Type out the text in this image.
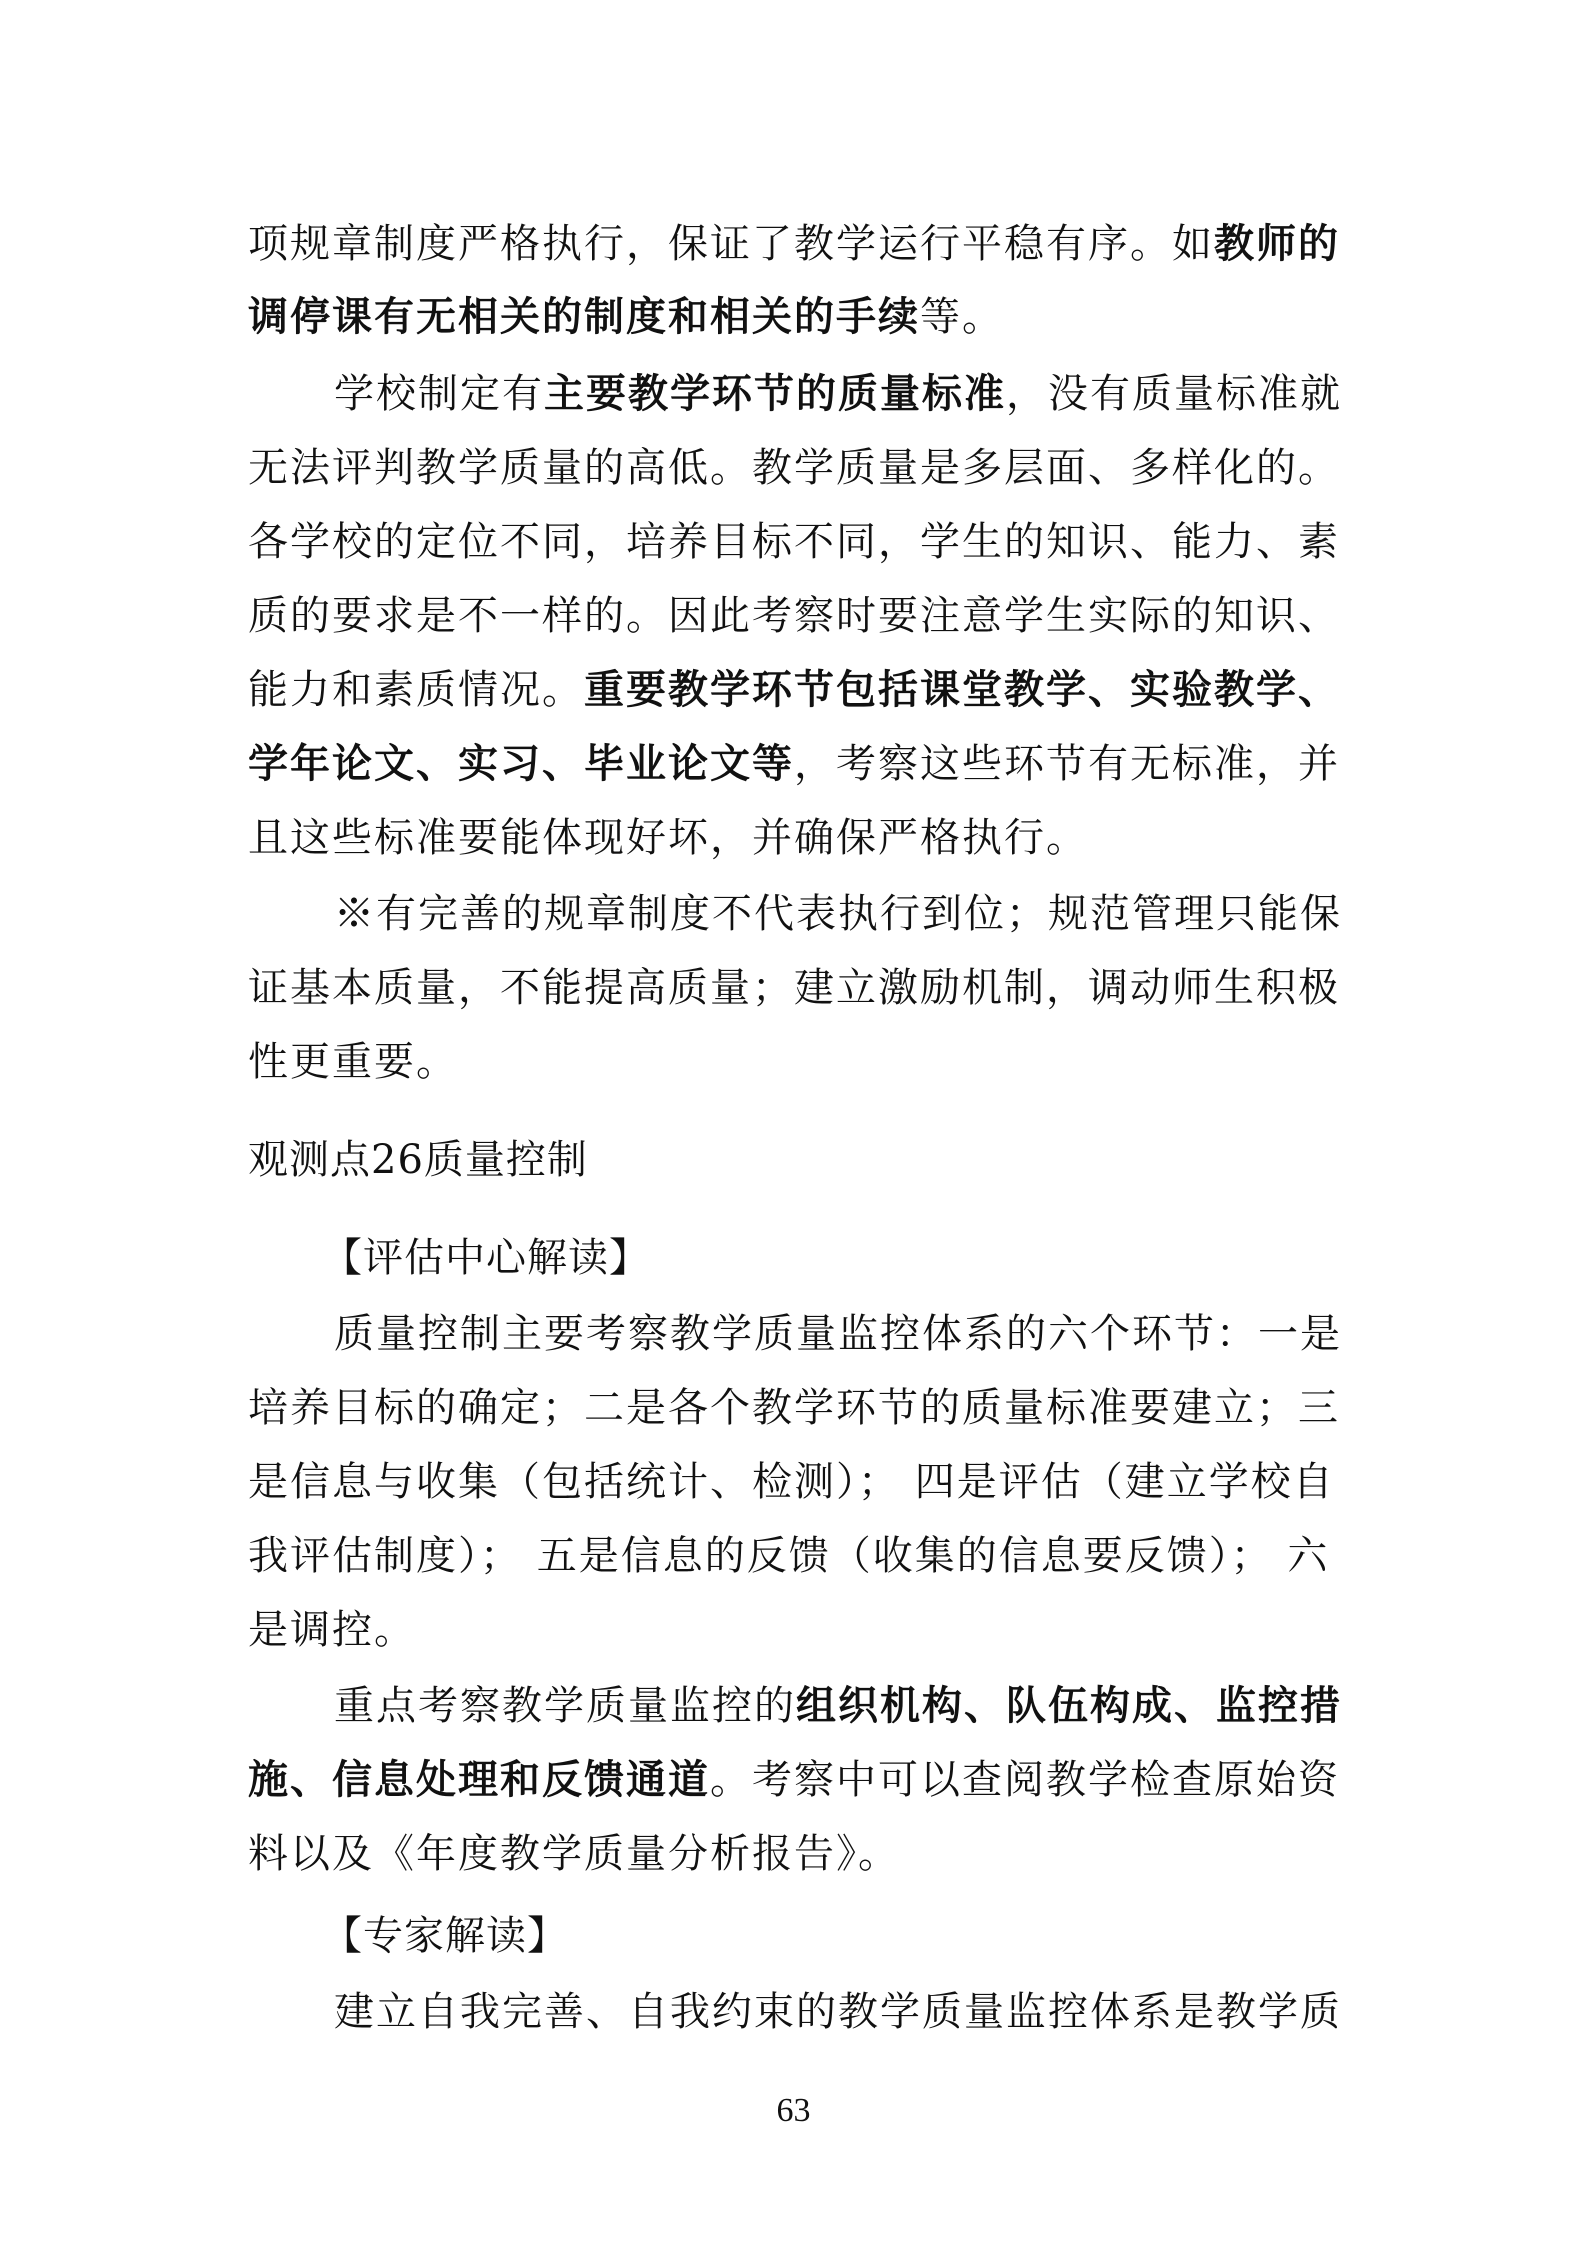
项规章制度严格执行，保证了教学运行平稳有序。如教师的
调停课有无相关的制度和相关的手续等。
学校制定有主要教学环节的质量标准，没有质量标准就
无法评判教学质量的高低。教学质量是多层面、多样化的。
各学校的定位不同，培养目标不同，学生的知识、能力、素
质的要求是不一样的。因此考察时要注意学生实际的知识、
能力和素质情况。重要教学环节包括课堂教学、实验教学、
学年论文、实习、毕业论文等，考察这些环节有无标准，并
且这些标准要能体现好坏，并确保严格执行。
※有完善的规章制度不代表执行到位；规范管理只能保
证基本质量，不能提高质量；建立激励机制，调动师生积极
性更重要。
观测点26质量控制
【评估中心解读】
质量控制主要考察教学质量监控体系的六个环节：一是
培养目标的确定；二是各个教学环节的质量标准要建立；三
是信息与收集（包括统计、检测）； 四是评估（建立学校自
我评估制度）； 五是信息的反馈（收集的信息要反馈）； 六
是调控。
重点考察教学质量监控的组织机构、队伍构成、监控措
施、信息处理和反馈通道。考察中可以查阅教学检查原始资
料以及《年度教学质量分析报告》。
【专家解读】
建立自我完善、自我约束的教学质量监控体系是教学质
63
